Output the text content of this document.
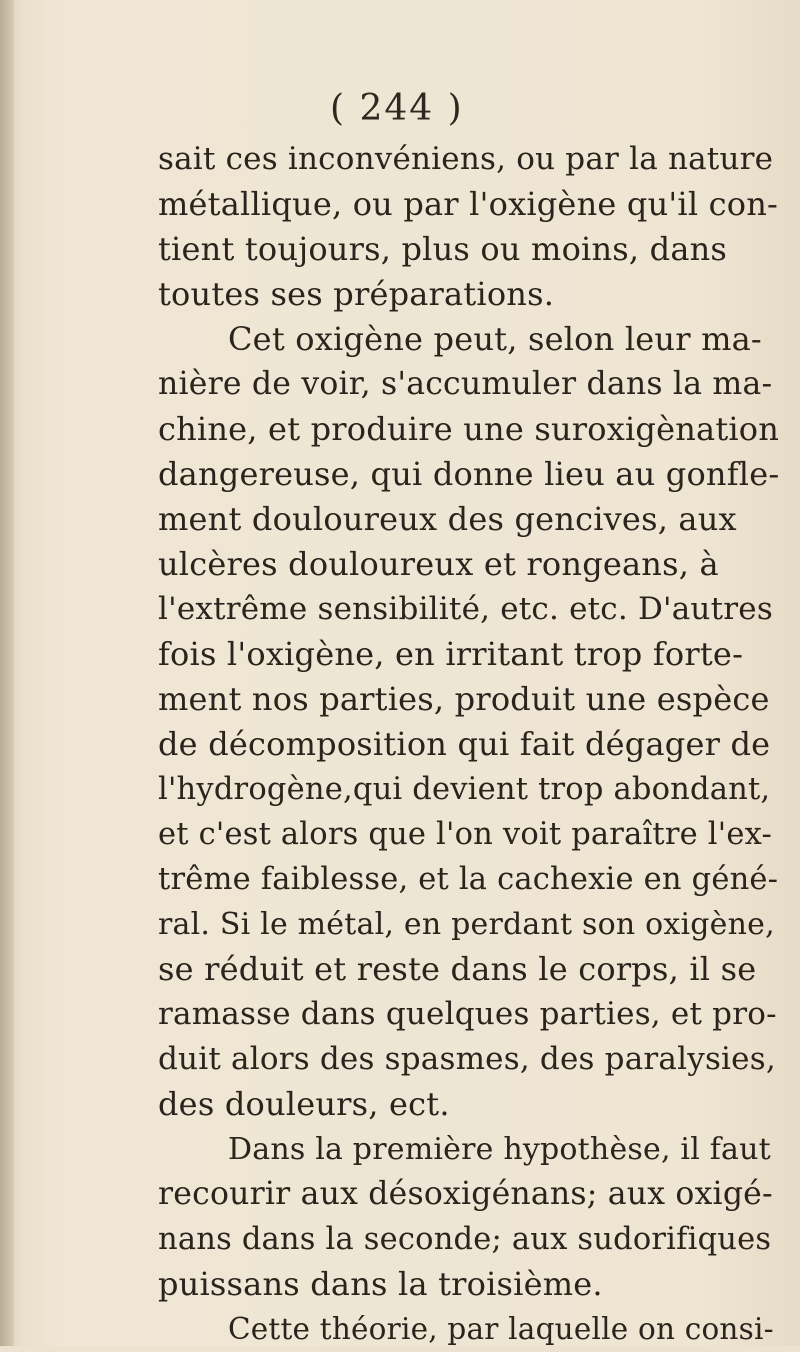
( 244 )
sait ces inconvéniens, ou par la nature
métallique, ou par l'oxigène qu'il con-
tient toujours, plus ou moins, dans
toutes ses préparations.
Cet oxigène peut, selon leur ma-
nière de voir, s'accumuler dans la ma-
chine, et produire une suroxigènation
dangereuse, qui donne lieu au gonfle-
ment douloureux des gencives, aux
ulcères douloureux et rongeans, à
l'extrême sensibilité, etc. etc. D'autres
fois l'oxigène, en irritant trop forte-
ment nos parties, produit une espèce
de décomposition qui fait dégager de
l'hydrogène,qui devient trop abondant,
et c'est alors que l'on voit paraître l'ex-
trême faiblesse, et la cachexie en géné-
ral. Si le métal, en perdant son oxigène,
se réduit et reste dans le corps, il se
ramasse dans quelques parties, et pro-
duit alors des spasmes, des paralysies,
des douleurs, ect.
Dans la première hypothèse, il faut
recourir aux désoxigénans; aux oxigé-
nans dans la seconde; aux sudorifiques
puissans dans la troisième.
Cette théorie, par laquelle on consi-
